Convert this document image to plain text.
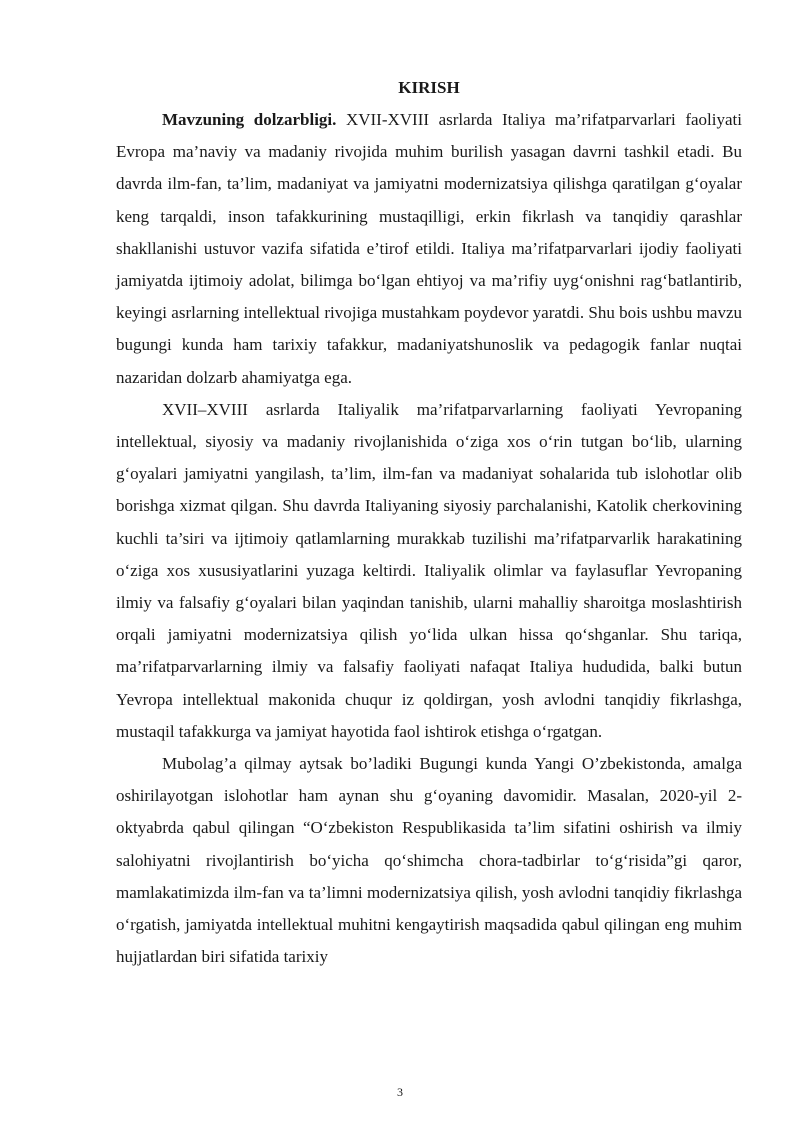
KIRISH

Mavzuning dolzarbligi. XVII-XVIII asrlarda Italiya ma’rifatparvarlari faoliyati Evropa ma’naviy va madaniy rivojida muhim burilish yasagan davrni tashkil etadi. Bu davrda ilm-fan, ta’lim, madaniyat va jamiyatni modernizatsiya qilishga qaratilgan g‘oyalar keng tarqaldi, inson tafakkurining mustaqilligi, erkin fikrlash va tanqidiy qarashlar shakllanishi ustuvor vazifa sifatida e’tirof etildi. Italiya ma’rifatparvarlari ijodiy faoliyati jamiyatda ijtimoiy adolat, bilimga bo‘lgan ehtiyoj va ma’rifiy uyg‘onishni rag‘batlantirib, keyingi asrlarning intellektual rivojiga mustahkam poydevor yaratdi. Shu bois ushbu mavzu bugungi kunda ham tarixiy tafakkur, madaniyatshunoslik va pedagogik fanlar nuqtai nazaridan dolzarb ahamiyatga ega.

XVII–XVIII asrlarda Italiyalik ma’rifatparvarlarning faoliyati Yevropaning intellektual, siyosiy va madaniy rivojlanishida o‘ziga xos o‘rin tutgan bo‘lib, ularning g‘oyalari jamiyatni yangilash, ta’lim, ilm-fan va madaniyat sohalarida tub islohotlar olib borishga xizmat qilgan. Shu davrda Italiyaning siyosiy parchalanishi, Katolik cherkovining kuchli ta’siri va ijtimoiy qatlamlarning murakkab tuzilishi ma’rifatparvarlik harakatining o‘ziga xos xususiyatlarini yuzaga keltirdi. Italiyalik olimlar va faylasuflar Yevropaning ilmiy va falsafiy g‘oyalari bilan yaqindan tanishib, ularni mahalliy sharoitga moslashtirish orqali jamiyatni modernizatsiya qilish yo‘lida ulkan hissa qo‘shganlar. Shu tariqa, ma’rifatparvarlarning ilmiy va falsafiy faoliyati nafaqat Italiya hududida, balki butun Yevropa intellektual makonida chuqur iz qoldirgan, yosh avlodni tanqidiy fikrlashga, mustaqil tafakkurga va jamiyat hayotida faol ishtirok etishga o‘rgatgan.

Mubolag’a qilmay aytsak bo’ladiki Bugungi kunda Yangi O’zbekistonda, amalga oshirilayotgan islohotlar ham aynan shu g‘oyaning davomidir. Masalan, 2020-yil 2-oktyabrda qabul qilingan “O‘zbekiston Respublikasida ta’lim sifatini oshirish va ilmiy salohiyatni rivojlantirish bo‘yicha qo‘shimcha chora-tadbirlar to‘g‘risida”gi qaror, mamlakatimizda ilm-fan va ta’limni modernizatsiya qilish, yosh avlodni tanqidiy fikrlashga o‘rgatish, jamiyatda intellektual muhitni kengaytirish maqsadida qabul qilingan eng muhim hujjatlardan biri sifatida tarixiy

3
